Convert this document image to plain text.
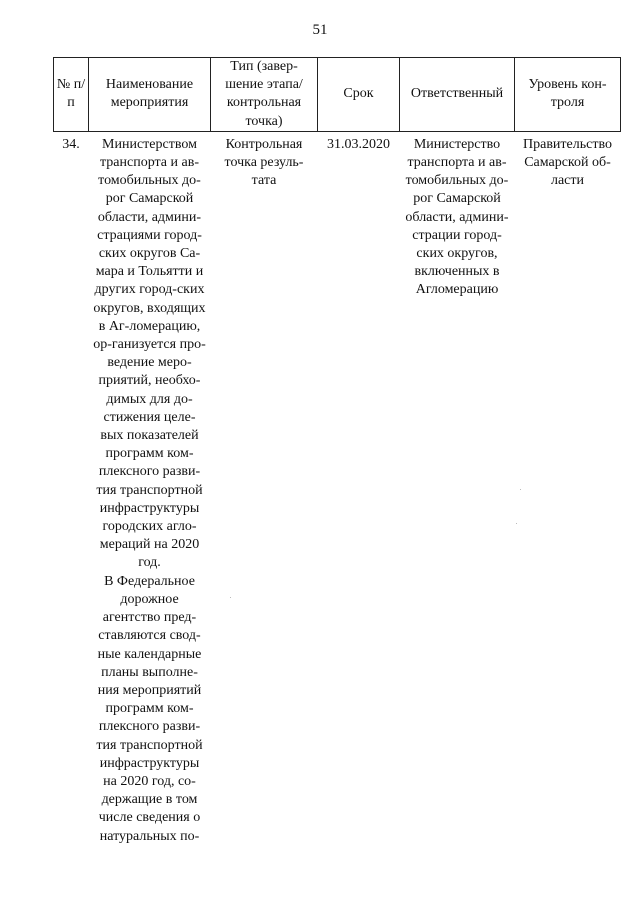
51
№ п/п	Наименование мероприятия	Тип (завер-шение этапа/ контрольная точка)	Срок	Ответственный	Уровень кон-троля
34.	Министерством транспорта и ав-томобильных до-рог Самарской области, админи-страциями город-ских округов Са-мара и Тольятти и других город-ских округов, входящих в Аг-ломерацию, ор-ганизуется про-ведение меро-приятий, необхо-димых для до-стижения целе-вых показателей программ ком-плексного разви-тия транспортной инфраструктуры городских агло-мераций на 2020 год.
В Федеральное дорожное агентство пред-ставляются свод-ные календарные планы выполне-ния мероприятий программ ком-плексного разви-тия транспортной инфраструктуры на 2020 год, со-держащие в том числе сведения о натуральных по-	Контрольная точка резуль-тата	31.03.2020	Министерство транспорта и ав-томобильных до-рог Самарской области, админи-страции город-ских округов, включенных в Агломерацию	Правительство Самарской об-ласти
